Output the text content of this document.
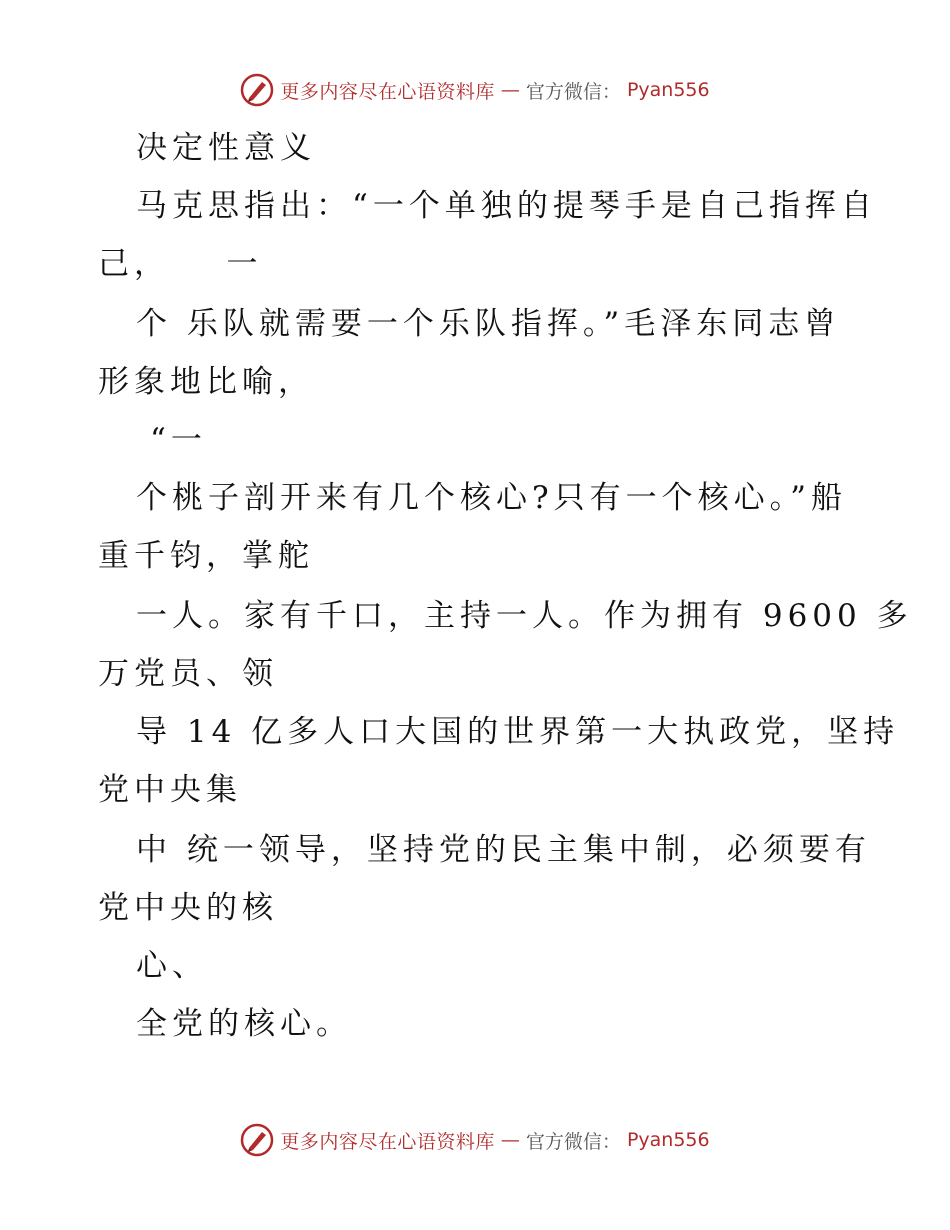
更多内容尽在心语资料库 — 官方微信： Pyan556
决定性意义
马克思指出：“一个单独的提琴手是自己指挥自
己，　　一
个 乐队就需要一个乐队指挥。”毛泽东同志曾
形象地比喻，
“一
个桃子剖开来有几个核心?只有一个核心。”船
重千钧，掌舵
一人。家有千口，主持一人。作为拥有 9600 多
万党员、领
导 14 亿多人口大国的世界第一大执政党，坚持
党中央集
中 统一领导，坚持党的民主集中制，必须要有
党中央的核
心、
全党的核心。
更多内容尽在心语资料库 — 官方微信： Pyan556
